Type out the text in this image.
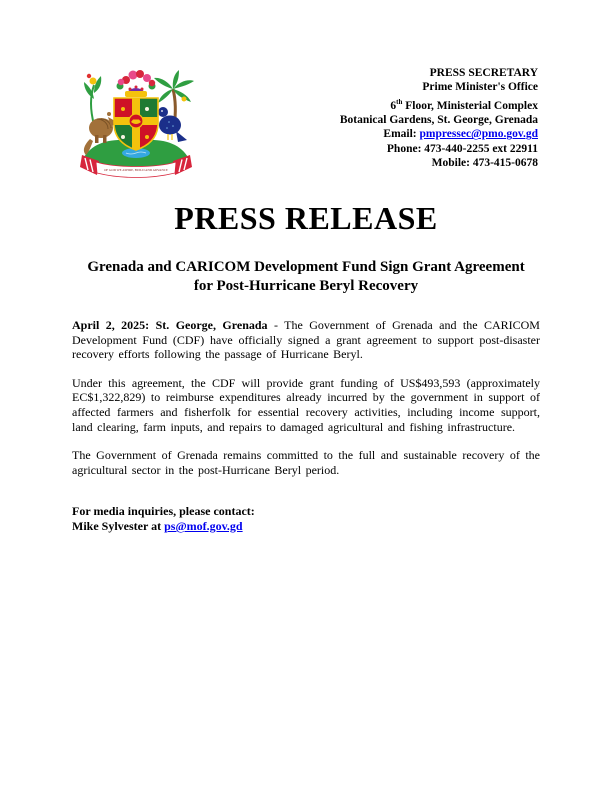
OF GOD WE ASPIRE, BUILD AND ADVANCE
PRESS SECRETARY
Prime Minister's Office
6th Floor, Ministerial Complex
Botanical Gardens, St. George, Grenada
Email: pmpressec@pmo.gov.gd
Phone: 473-440-2255 ext 22911
Mobile: 473-415-0678
PRESS RELEASE
Grenada and CARICOM Development Fund Sign Grant Agreement
for Post-Hurricane Beryl Recovery

April 2, 2025: St. George, Grenada - The Government of Grenada and the CARICOM Development Fund (CDF) have officially signed a grant agreement to support post-disaster recovery efforts following the passage of Hurricane Beryl.

Under this agreement, the CDF will provide grant funding of US$493,593 (approximately EC$1,322,829) to reimburse expenditures already incurred by the government in support of affected farmers and fisherfolk for essential recovery activities, including income support, land clearing, farm inputs, and repairs to damaged agricultural and fishing infrastructure.

The Government of Grenada remains committed to the full and sustainable recovery of the agricultural sector in the post-Hurricane Beryl period.

For media inquiries, please contact:
Mike Sylvester at ps@mof.gov.gd
